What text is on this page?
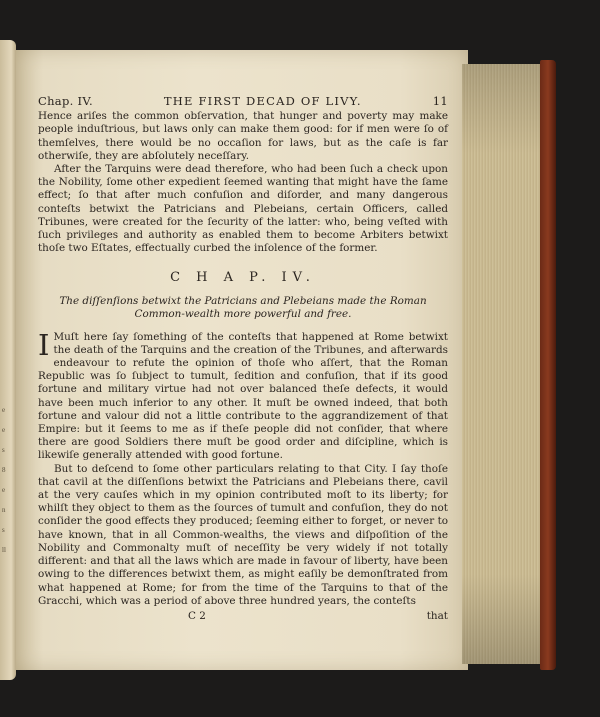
e
e
s
8
e
n
s
ll
Chap. IV.	THE FIRST DECAD OF LIVY.	11

Hence ariſes the common obſervation, that hunger and poverty may make people induſtrious, but laws only can make them good: for if men were ſo of themſelves, there would be no occaſion for laws, but as the caſe is far otherwiſe, they are abſolutely neceſſary.

After the Tarquins were dead therefore, who had been ſuch a check upon the Nobility, ſome other expedient ſeemed wanting that might have the ſame effect; ſo that after much confuſion and diſorder, and many dangerous conteſts betwixt the Patricians and Plebeians, certain Officers, called Tribunes, were created for the ſecurity of the latter: who, being veſted with ſuch privileges and authority as enabled them to become Arbiters betwixt thoſe two Eſtates, effectually curbed the inſolence of the former.

C H A P. IV.
The diſſenſions betwixt the Patricians and Plebeians made the Roman Common-wealth more powerful and free.

I Muſt here ſay ſomething of the conteſts that happened at Rome betwixt the death of the Tarquins and the creation of the Tribunes, and afterwards endeavour to refute the opinion of thoſe who aſſert, that the Roman Republic was ſo ſubject to tumult, ſedition and confuſion, that if its good fortune and military virtue had not over balanced theſe defects, it would have been much inferior to any other. It muſt be owned indeed, that both fortune and valour did not a little contribute to the aggrandizement of that Empire: but it ſeems to me as if theſe people did not conſider, that where there are good Soldiers there muſt be good order and diſcipline, which is likewiſe generally attended with good fortune.

But to deſcend to ſome other particulars relating to that City. I ſay thoſe that cavil at the diſſenſions betwixt the Patricians and Plebeians there, cavil at the very cauſes which in my opinion contributed moſt to its liberty; for whilſt they object to them as the ſources of tumult and confuſion, they do not conſider the good effects they produced; ſeeming either to forget, or never to have known, that in all Common-wealths, the views and diſpoſition of the Nobility and Commonalty muſt of neceſſity be very widely if not totally different: and that all the laws which are made in favour of liberty, have been owing to the differences betwixt them, as might eaſily be demonſtrated from what happened at Rome; for from the time of the Tarquins to that of the Gracchi, which was a period of above three hundred years, the conteſts

C 2	that
